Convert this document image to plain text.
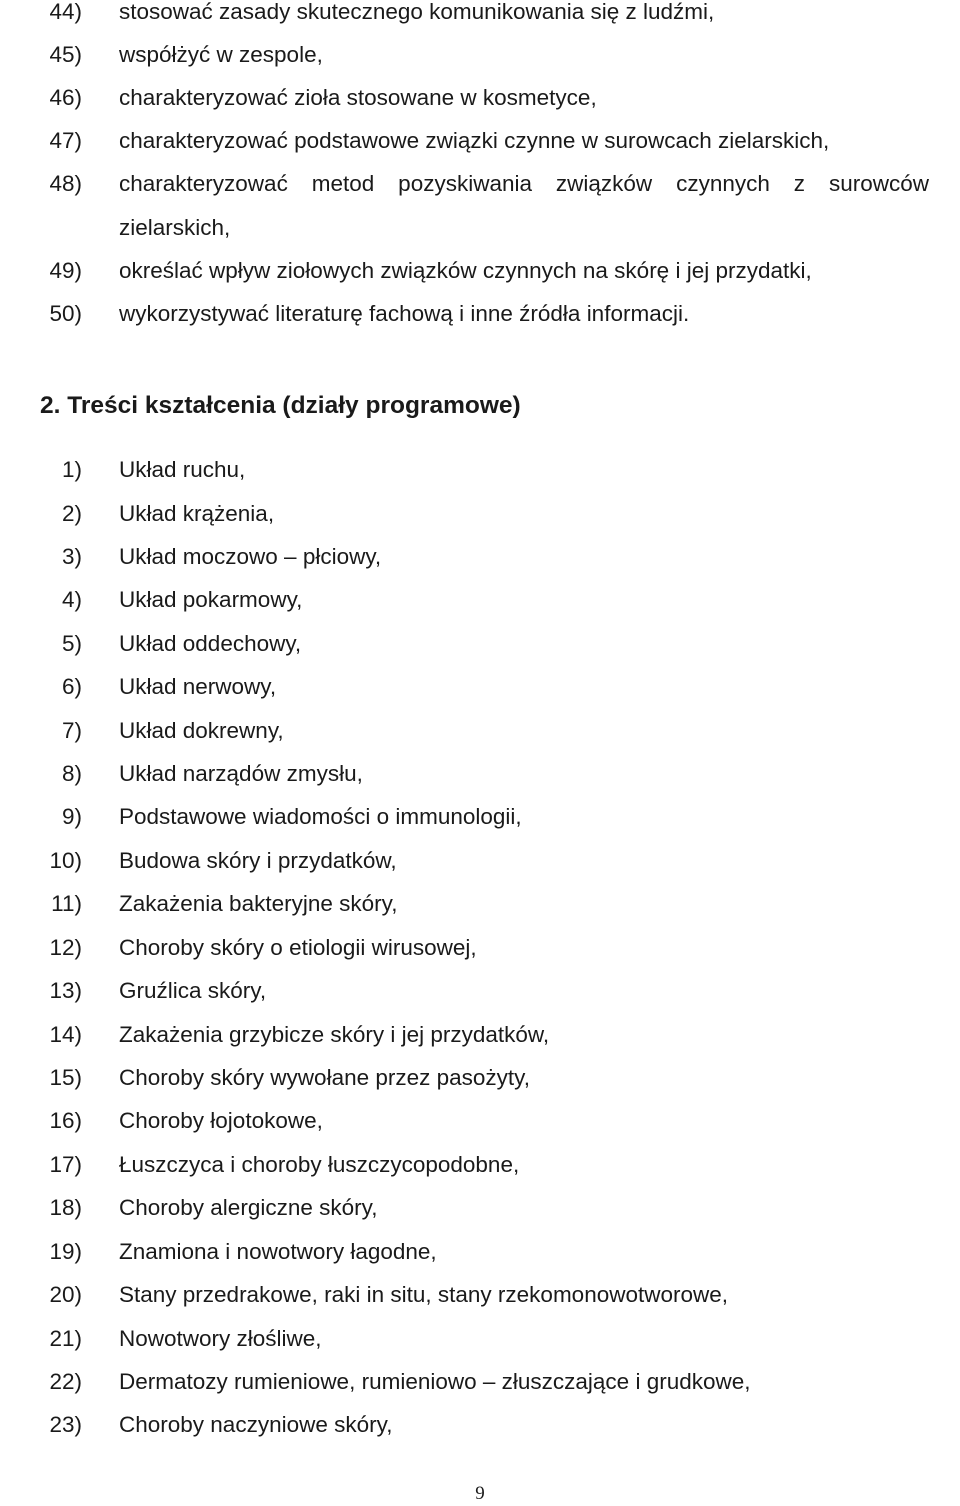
44) stosować zasady skutecznego komunikowania się z ludźmi,
45) współżyć w zespole,
46) charakteryzować zioła stosowane w kosmetyce,
47) charakteryzować podstawowe związki czynne w surowcach zielarskich,
48) charakteryzować metod pozyskiwania związków czynnych z surowców
zielarskich,
49) określać wpływ ziołowych związków czynnych na skórę i jej przydatki,
50) wykorzystywać literaturę fachową i inne źródła informacji.
2. Treści kształcenia (działy programowe)
1) Układ ruchu,
2) Układ krążenia,
3) Układ moczowo – płciowy,
4) Układ pokarmowy,
5) Układ oddechowy,
6) Układ nerwowy,
7) Układ dokrewny,
8) Układ narządów zmysłu,
9) Podstawowe wiadomości o immunologii,
10) Budowa skóry i przydatków,
11) Zakażenia bakteryjne skóry,
12) Choroby skóry o etiologii wirusowej,
13) Gruźlica skóry,
14) Zakażenia grzybicze skóry i jej przydatków,
15) Choroby skóry wywołane przez pasożyty,
16) Choroby łojotokowe,
17) Łuszczyca i choroby łuszczycopodobne,
18) Choroby alergiczne skóry,
19) Znamiona i nowotwory łagodne,
20) Stany przedrakowe, raki in situ, stany rzekomonowotworowe,
21) Nowotwory złośliwe,
22) Dermatozy rumieniowe, rumieniowo – złuszczające i grudkowe,
23) Choroby naczyniowe skóry,
9
